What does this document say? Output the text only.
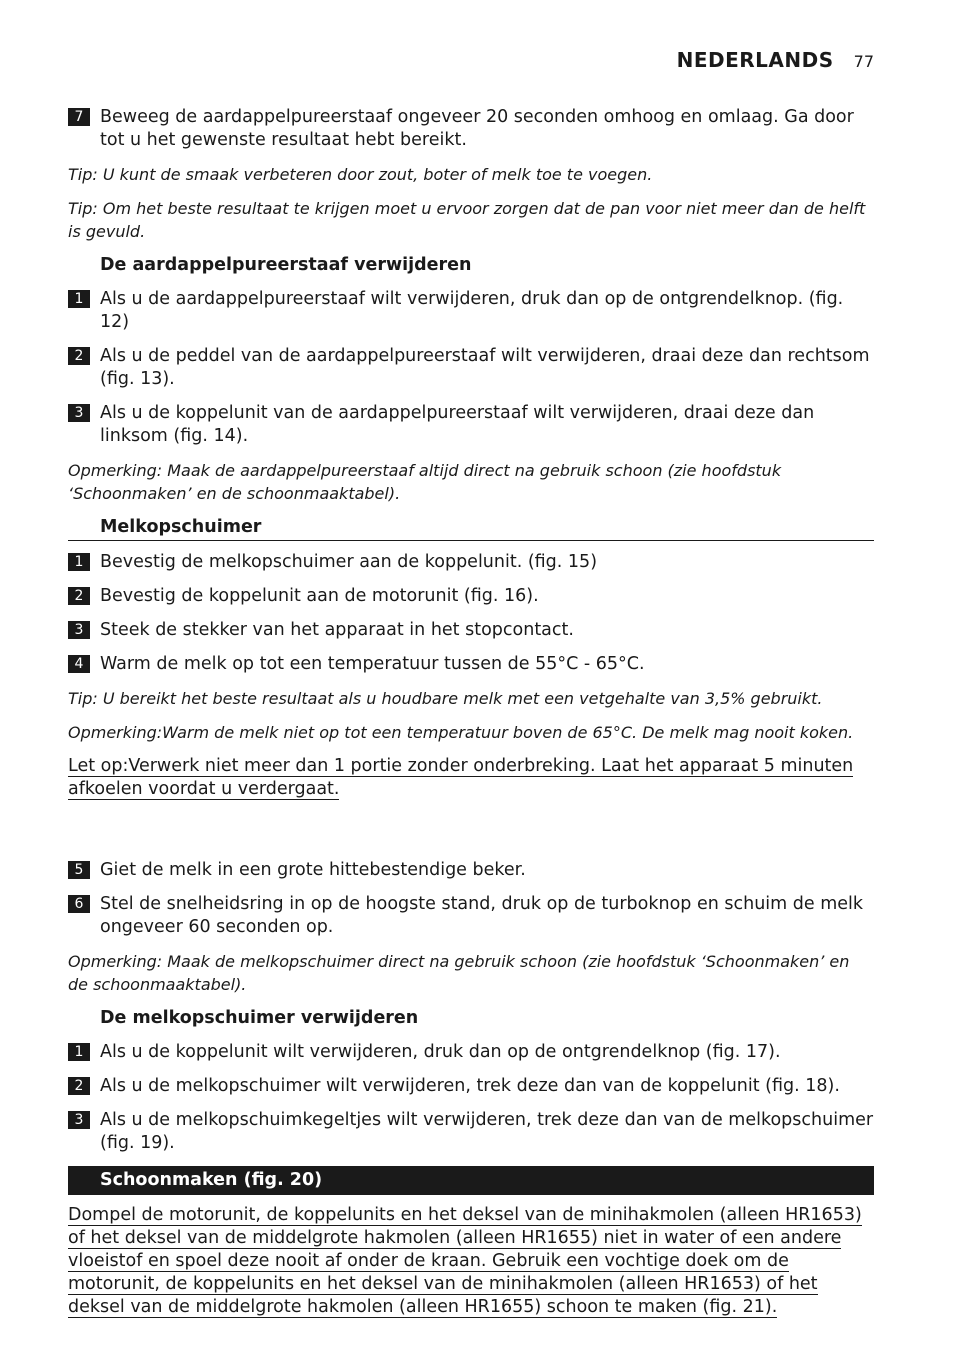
NEDERLANDS 77
7 Beweeg de aardappelpureerstaaf ongeveer 20 seconden omhoog en omlaag. Ga door tot u het gewenste resultaat hebt bereikt.
Tip: U kunt de smaak verbeteren door zout, boter of melk toe te voegen.
Tip: Om het beste resultaat te krijgen moet u ervoor zorgen dat de pan voor niet meer dan de helft is gevuld.
De aardappelpureerstaaf verwijderen
1 Als u de aardappelpureerstaaf wilt verwijderen, druk dan op de ontgrendelknop. (fig. 12)
2 Als u de peddel van de aardappelpureerstaaf wilt verwijderen, draai deze dan rechtsom (fig. 13).
3 Als u de koppelunit van de aardappelpureerstaaf wilt verwijderen, draai deze dan linksom (fig. 14).
Opmerking: Maak de aardappelpureerstaaf altijd direct na gebruik schoon (zie hoofdstuk ‘Schoonmaken’ en de schoonmaaktabel).
Melkopschuimer
1 Bevestig de melkopschuimer aan de koppelunit. (fig. 15)
2 Bevestig de koppelunit aan de motorunit (fig. 16).
3 Steek de stekker van het apparaat in het stopcontact.
4 Warm de melk op tot een temperatuur tussen de 55°C - 65°C.
Tip: U bereikt het beste resultaat als u houdbare melk met een vetgehalte van 3,5% gebruikt.
Opmerking:Warm de melk niet op tot een temperatuur boven de 65°C. De melk mag nooit koken.
Let op:Verwerk niet meer dan 1 portie zonder onderbreking. Laat het apparaat 5 minuten afkoelen voordat u verdergaat.
5 Giet de melk in een grote hittebestendige beker.
6 Stel de snelheidsring in op de hoogste stand, druk op de turboknop en schuim de melk ongeveer 60 seconden op.
Opmerking: Maak de melkopschuimer direct na gebruik schoon (zie hoofdstuk ‘Schoonmaken’ en de schoonmaaktabel).
De melkopschuimer verwijderen
1 Als u de koppelunit wilt verwijderen, druk dan op de ontgrendelknop (fig. 17).
2 Als u de melkopschuimer wilt verwijderen, trek deze dan van de koppelunit (fig. 18).
3 Als u de melkopschuimkegeltjes wilt verwijderen, trek deze dan van de melkopschuimer (fig. 19).
Schoonmaken (fig. 20)
Dompel de motorunit, de koppelunits en het deksel van de minihakmolen (alleen HR1653) of het deksel van de middelgrote hakmolen (alleen HR1655) niet in water of een andere vloeistof en spoel deze nooit af onder de kraan. Gebruik een vochtige doek om de motorunit, de koppelunits en het deksel van de minihakmolen (alleen HR1653) of het deksel van de middelgrote hakmolen (alleen HR1655) schoon te maken (fig. 21).
